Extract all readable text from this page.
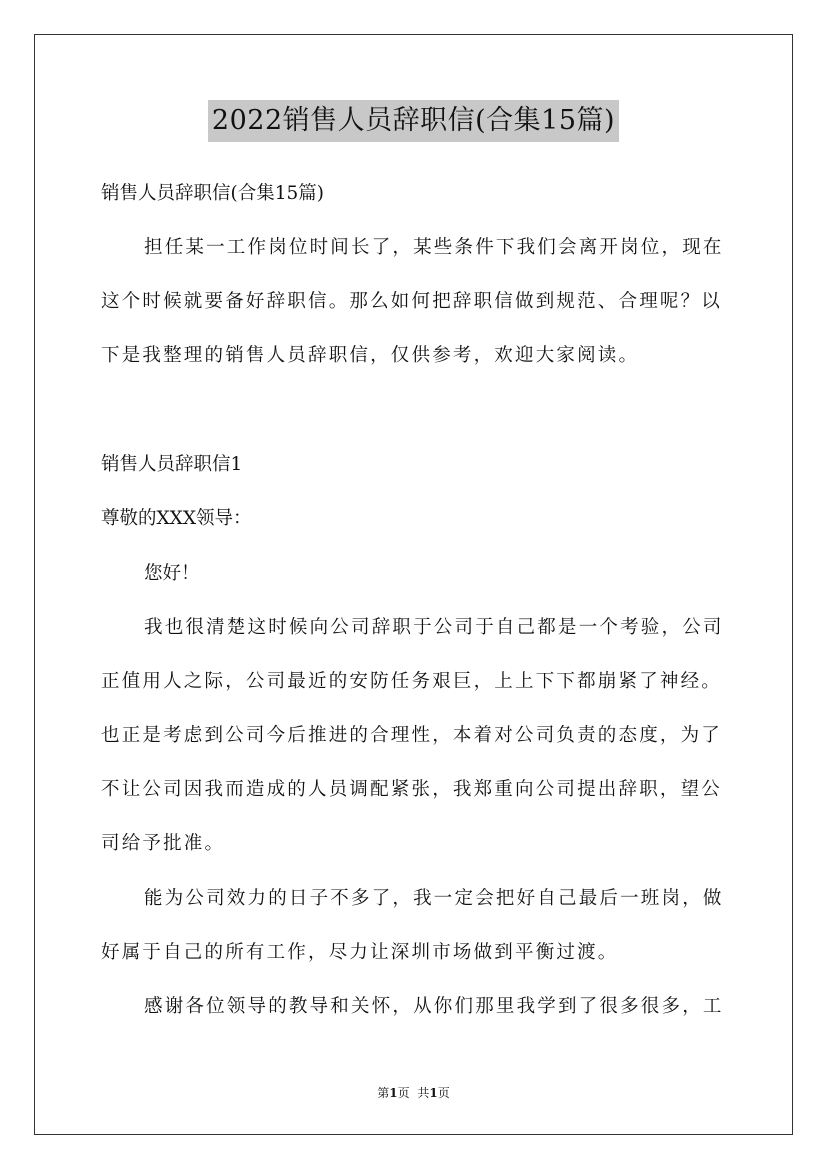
2022销售人员辞职信(合集15篇)

销售人员辞职信(合集15篇)

担任某一工作岗位时间长了，某些条件下我们会离开岗位，现在

这个时候就要备好辞职信。那么如何把辞职信做到规范、合理呢？以

下是我整理的销售人员辞职信，仅供参考，欢迎大家阅读。

销售人员辞职信1

尊敬的XXX领导：

您好！

我也很清楚这时候向公司辞职于公司于自己都是一个考验，公司

正值用人之际，公司最近的安防任务艰巨，上上下下都崩紧了神经。

也正是考虑到公司今后推进的合理性，本着对公司负责的态度，为了

不让公司因我而造成的人员调配紧张，我郑重向公司提出辞职，望公

司给予批准。

能为公司效力的日子不多了，我一定会把好自己最后一班岗，做

好属于自己的所有工作，尽力让深圳市场做到平衡过渡。

感谢各位领导的教导和关怀，从你们那里我学到了很多很多，工

第1页 共1页
